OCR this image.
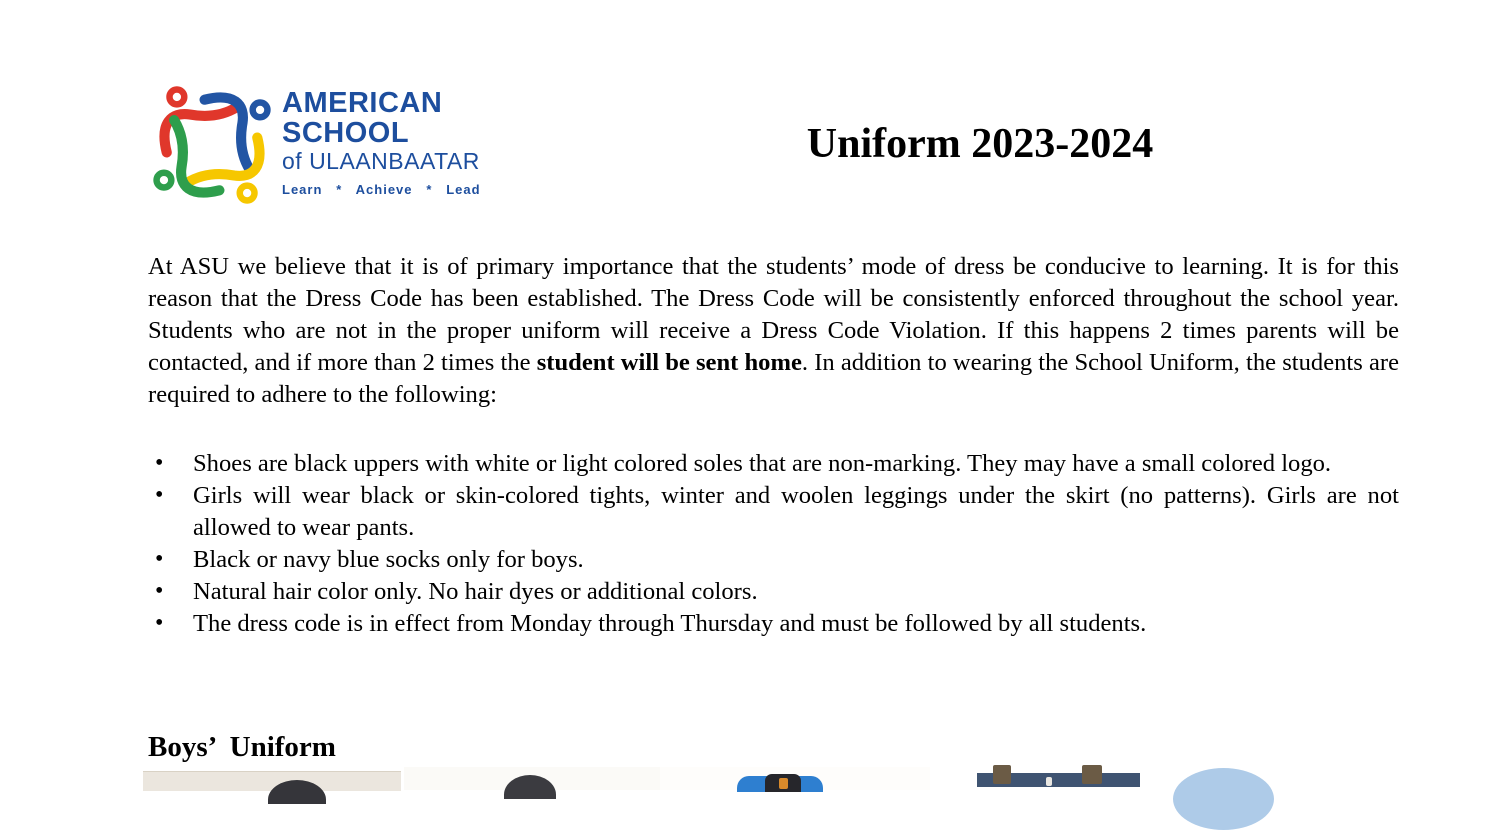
AMERICAN
SCHOOL
of ULAANBAATAR
Learn   *   Achieve   *   Lead
Uniform 2023-2024

At ASU we believe that it is of primary importance that the students’ mode of dress be conducive to learning. It is for this reason that the Dress Code has been established. The Dress Code will be consistently enforced throughout the school year. Students who are not in the proper uniform will receive a Dress Code Violation. If this happens 2 times parents will be contacted, and if more than 2 times the student will be sent home. In addition to wearing the School Uniform, the students are required to adhere to the following:

• Shoes are black uppers with white or light colored soles that are non-marking. They may have a small colored logo.
• Girls will wear black or skin-colored tights, winter and woolen leggings under the skirt (no patterns). Girls are not allowed to wear pants.
• Black or navy blue socks only for boys.
• Natural hair color only. No hair dyes or additional colors.
• The dress code is in effect from Monday through Thursday and must be followed by all students.
Boys’  Uniform
